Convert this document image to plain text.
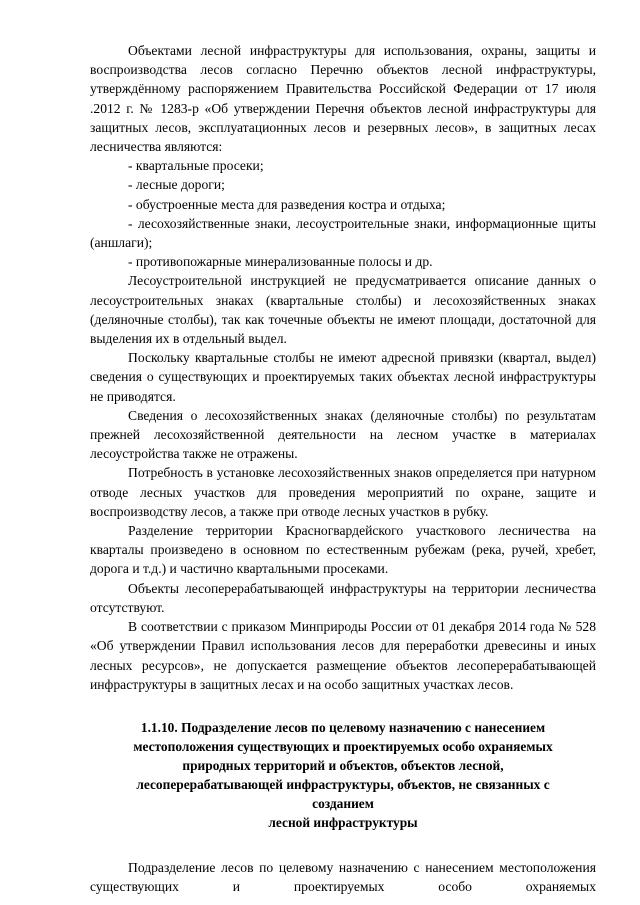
Объектами лесной инфраструктуры для использования, охраны, защиты и воспроизводства лесов согласно Перечню объектов лесной инфраструктуры, утверждённому распоряжением Правительства Российской Федерации от 17 июля .2012 г. № 1283-р «Об утверждении Перечня объектов лесной инфраструктуры для защитных лесов, эксплуатационных лесов и резервных лесов», в защитных лесах лесничества являются:

- квартальные просеки;

- лесные дороги;

- обустроенные места для разведения костра и отдыха;

- лесохозяйственные знаки, лесоустроительные знаки, информационные щиты (аншлаги);

- противопожарные минерализованные полосы и др.

Лесоустроительной инструкцией не предусматривается описание данных о лесоустроительных знаках (квартальные столбы) и лесохозяйственных знаках (деляночные столбы), так как точечные объекты не имеют площади, достаточной для выделения их в отдельный выдел.

Поскольку квартальные столбы не имеют адресной привязки (квартал, выдел) сведения о существующих и проектируемых таких объектах лесной инфраструктуры не приводятся.

Сведения о лесохозяйственных знаках (деляночные столбы) по результатам прежней лесохозяйственной деятельности на лесном участке в материалах лесоустройства также не отражены.

Потребность в установке лесохозяйственных знаков определяется при натурном отводе лесных участков для проведения мероприятий по охране, защите и воспроизводству лесов, а также при отводе лесных участков в рубку.

Разделение территории Красногвардейского участкового лесничества на кварталы произведено в основном по естественным рубежам (река, ручей, хребет, дорога и т.д.) и частично квартальными просеками.

Объекты лесоперерабатывающей инфраструктуры на территории лесничества отсутствуют.

В соответствии с приказом Минприроды России от 01 декабря 2014 года № 528 «Об утверждении Правил использования лесов для переработки древесины и иных лесных ресурсов», не допускается размещение объектов лесоперерабатывающей инфраструктуры в защитных лесах и на особо защитных участках лесов.

1.1.10. Подразделение лесов по целевому назначению с нанесением
местоположения существующих и проектируемых особо охраняемых
природных территорий и объектов, объектов лесной,
лесоперерабатывающей инфраструктуры, объектов, не связанных с
созданием
лесной инфраструктуры

Подразделение лесов по целевому назначению с нанесением местоположения существующих и проектируемых особо охраняемых
